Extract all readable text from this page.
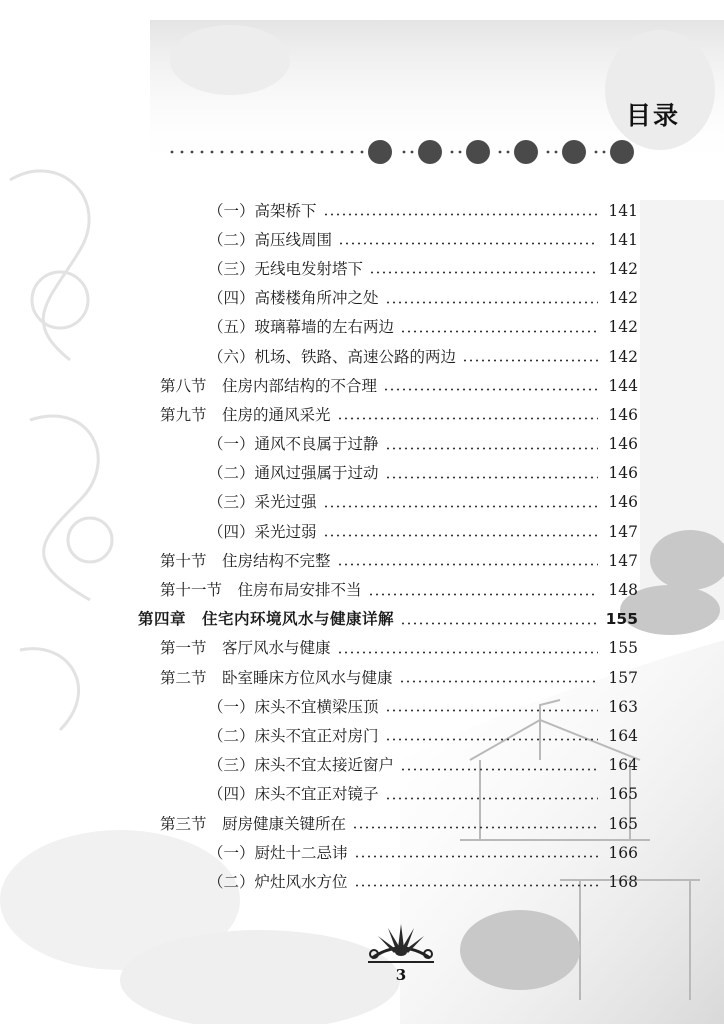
目录
（一）高架桥下	141
（二）高压线周围	141
（三）无线电发射塔下	142
（四）高楼楼角所冲之处	142
（五）玻璃幕墙的左右两边	142
（六）机场、铁路、高速公路的两边	142
第八节　住房内部结构的不合理	144
第九节　住房的通风采光	146
（一）通风不良属于过静	146
（二）通风过强属于过动	146
（三）采光过强	146
（四）采光过弱	147
第十节　住房结构不完整	147
第十一节　住房布局安排不当	148
第四章　住宅内环境风水与健康详解	155
第一节　客厅风水与健康	155
第二节　卧室睡床方位风水与健康	157
（一）床头不宜横梁压顶	163
（二）床头不宜正对房门	164
（三）床头不宜太接近窗户	164
（四）床头不宜正对镜子	165
第三节　厨房健康关键所在	165
（一）厨灶十二忌讳	166
（二）炉灶风水方位	168
3
